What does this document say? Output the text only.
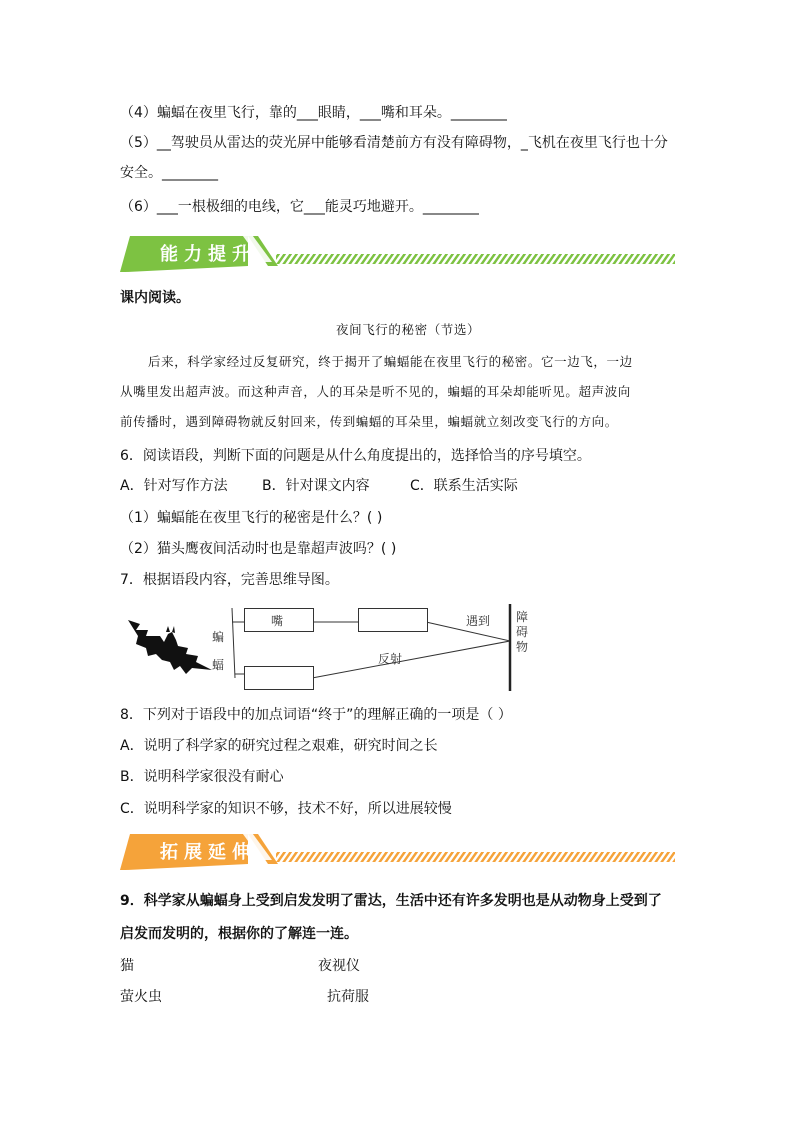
（4）蝙蝠在夜里飞行，靠的___眼睛，___嘴和耳朵。________
（5）__驾驶员从雷达的荧光屏中能够看清楚前方有没有障碍物，_飞机在夜里飞行也十分
安全。________
（6）___一根极细的电线，它___能灵巧地避开。________
能力提升
课内阅读。
夜间飞行的秘密（节选）
后来，科学家经过反复研究，终于揭开了蝙蝠能在夜里飞行的秘密。它一边飞，一边
从嘴里发出超声波。而这种声音，人的耳朵是听不见的，蝙蝠的耳朵却能听见。超声波向
前传播时，遇到障碍物就反射回来，传到蝙蝠的耳朵里，蝙蝠就立刻改变飞行的方向。
6．阅读语段，判断下面的问题是从什么角度提出的，选择恰当的序号填空。
A．针对写作方法 B．针对课文内容	C．联系生活实际
（1）蝙蝠能在夜里飞行的秘密是什么？( )
（2）猫头鹰夜间活动时也是靠超声波吗？( )
7．根据语段内容，完善思维导图。
蝙
蝠
嘴	遇到
反射
障
碍
物
8．下列对于语段中的加点词语“终于”的理解正确的一项是（ ）
A．说明了科学家的研究过程之艰难，研究时间之长
B．说明科学家很没有耐心
C．说明科学家的知识不够，技术不好，所以进展较慢
拓展延伸
9．科学家从蝙蝠身上受到启发发明了雷达，生活中还有许多发明也是从动物身上受到了
启发而发明的，根据你的了解连一连。
猫	夜视仪
萤火虫	抗荷服
